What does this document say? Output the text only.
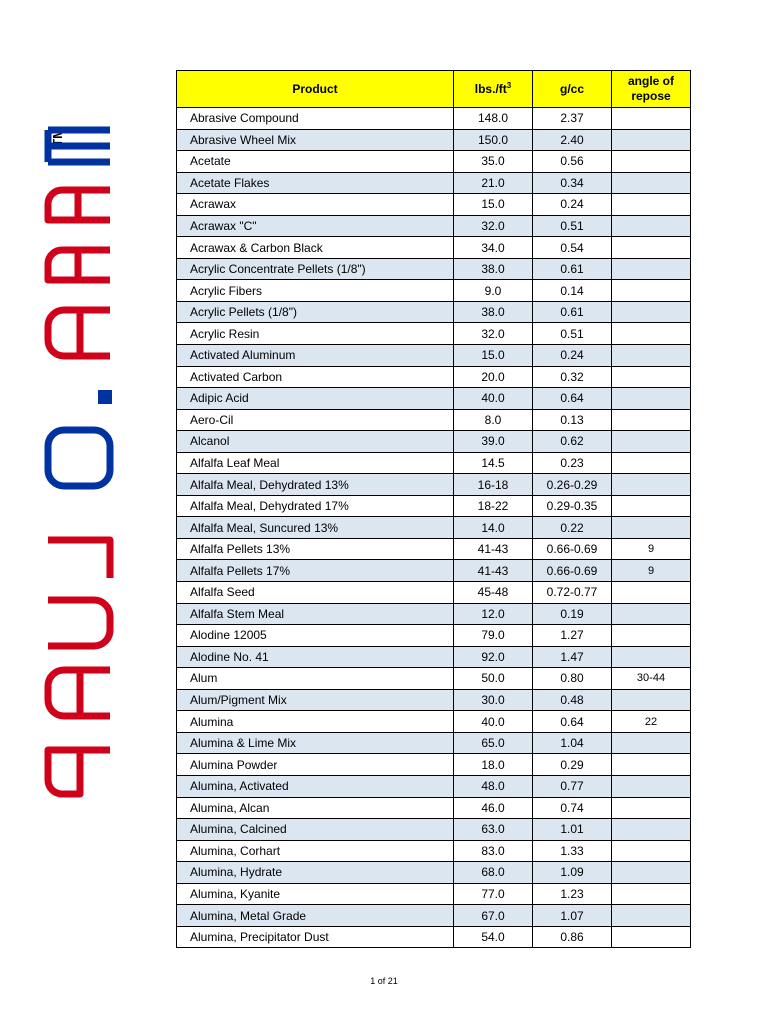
TM
Product	$lbs./ft^3$	g/cc	angle of
repose
Abrasive Compound	148.0	2.37	
Abrasive Wheel Mix	150.0	2.40	
Acetate	35.0	0.56	
Acetate Flakes	21.0	0.34	
Acrawax	15.0	0.24	
Acrawax "C"	32.0	0.51	
Acrawax & Carbon Black	34.0	0.54	
Acrylic Concentrate Pellets (1/8")	38.0	0.61	
Acrylic Fibers	9.0	0.14	
Acrylic Pellets (1/8")	38.0	0.61	
Acrylic Resin	32.0	0.51	
Activated Aluminum	15.0	0.24	
Activated Carbon	20.0	0.32	
Adipic Acid	40.0	0.64	
Aero-Cil	8.0	0.13	
Alcanol	39.0	0.62	
Alfalfa Leaf Meal	14.5	0.23	
Alfalfa Meal, Dehydrated 13%	16-18	0.26-0.29	
Alfalfa Meal, Dehydrated 17%	18-22	0.29-0.35	
Alfalfa Meal, Suncured 13%	14.0	0.22	
Alfalfa Pellets 13%	41-43	0.66-0.69	9
Alfalfa Pellets 17%	41-43	0.66-0.69	9
Alfalfa Seed	45-48	0.72-0.77	
Alfalfa Stem Meal	12.0	0.19	
Alodine 12005	79.0	1.27	
Alodine No. 41	92.0	1.47	
Alum	50.0	0.80	30-44
Alum/Pigment Mix	30.0	0.48	
Alumina	40.0	0.64	22
Alumina & Lime Mix	65.0	1.04	
Alumina Powder	18.0	0.29	
Alumina, Activated	48.0	0.77	
Alumina, Alcan	46.0	0.74	
Alumina, Calcined	63.0	1.01	
Alumina, Corhart	83.0	1.33	
Alumina, Hydrate	68.0	1.09	
Alumina, Kyanite	77.0	1.23	
Alumina, Metal Grade	67.0	1.07	
Alumina, Precipitator Dust	54.0	0.86	
1 of 21
